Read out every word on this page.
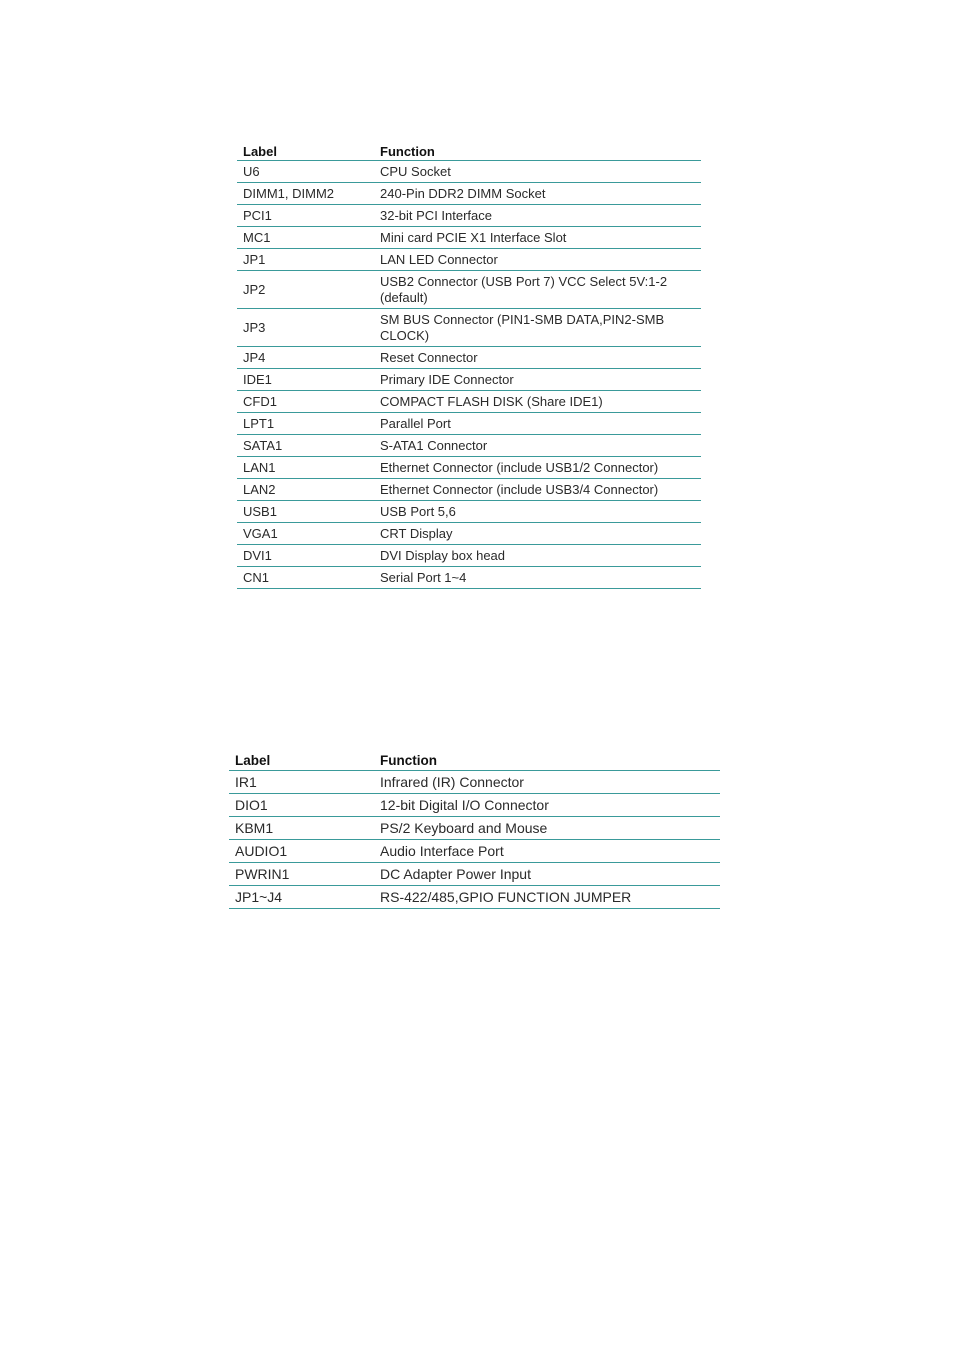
Label	Function
U6	CPU Socket
DIMM1, DIMM2	240-Pin DDR2 DIMM Socket
PCI1	32-bit PCI Interface
MC1	Mini card PCIE X1 Interface Slot
JP1	LAN LED Connector
JP2	USB2 Connector (USB Port 7) VCC Select 5V:1-2 (default)
JP3	SM BUS Connector (PIN1-SMB DATA,PIN2-SMB CLOCK)
JP4	Reset Connector
IDE1	Primary IDE Connector
CFD1	COMPACT FLASH DISK (Share IDE1)
LPT1	Parallel Port
SATA1	S-ATA1 Connector
LAN1	Ethernet Connector (include USB1/2 Connector)
LAN2	Ethernet Connector (include USB3/4 Connector)
USB1	USB Port 5,6
VGA1	CRT Display
DVI1	DVI Display box head
CN1	Serial Port 1~4
Label	Function
IR1	Infrared (IR) Connector
DIO1	12-bit Digital I/O Connector
KBM1	PS/2 Keyboard and Mouse
AUDIO1	Audio Interface Port
PWRIN1	DC Adapter Power Input
JP1~J4	RS-422/485,GPIO FUNCTION JUMPER
